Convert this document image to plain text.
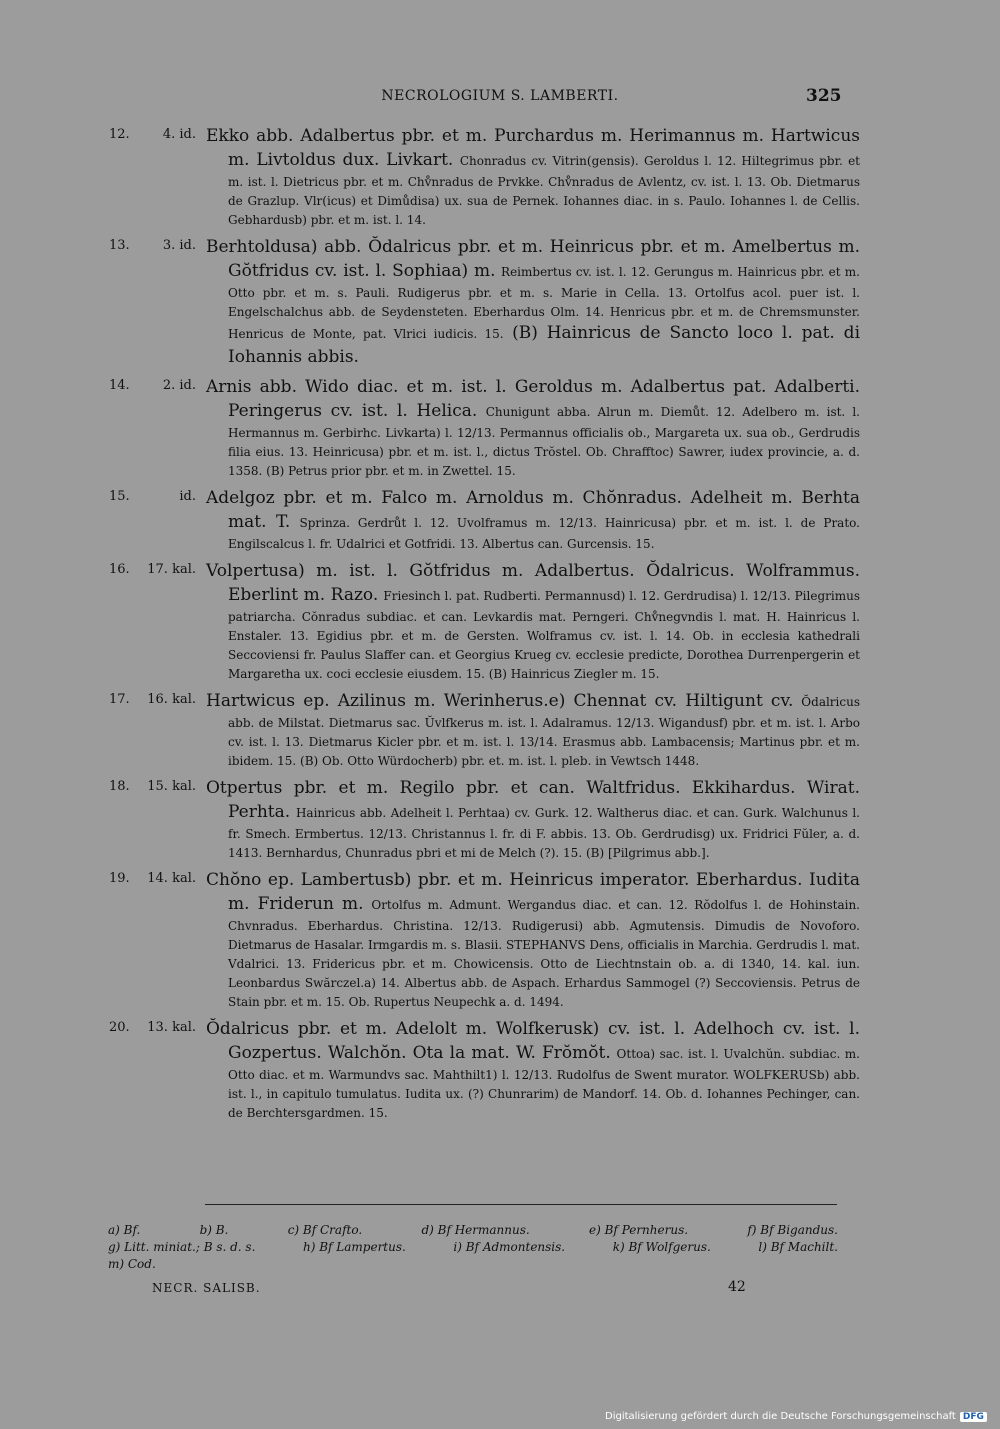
NECROLOGIUM S. LAMBERTI.	325
12.	4. id. Ekko abb. Adalbertus pbr. et m. Purchardus m. Herimannus m. Hartwicus m. Livtoldus dux. Livkart. Chonradus cv. Vitrin(gensis). Geroldus l. 12. Hiltegrimus pbr. et m. ist. l. Dietricus pbr. et m. Chv̊nradus de Prvkke. Chv̊nradus de Avlentz, cv. ist. l. 13. Ob. Dietmarus de Grazlup. Vlr(icus) et Dimůdisa) ux. sua de Pernek. Iohannes diac. in s. Paulo. Iohannes l. de Cellis. Gebhardusb) pbr. et m. ist. l. 14.
13.	3. id. Berhtoldusa) abb. Ŏdalricus pbr. et m. Heinricus pbr. et m. Amelbertus m. Gŏtfridus cv. ist. l. Sophiaa) m. Reimbertus cv. ist. l. 12. Gerungus m. Hainricus pbr. et m. Otto pbr. et m. s. Pauli. Rudigerus pbr. et m. s. Marie in Cella. 13. Ortolfus acol. puer ist. l. Engelschalchus abb. de Seydensteten. Eberhardus Olm. 14. Henricus pbr. et m. de Chremsmunster. Henricus de Monte, pat. Vlrici iudicis. 15. (B) Hainricus de Sancto loco l. pat. di Iohannis abbis.
14.	2. id. Arnis abb. Wido diac. et m. ist. l. Geroldus m. Adalbertus pat. Adalberti. Peringerus cv. ist. l. Helica. Chunigunt abba. Alrun m. Diemůt. 12. Adelbero m. ist. l. Hermannus m. Gerbirhc. Livkarta) l. 12/13. Permannus officialis ob., Margareta ux. sua ob., Gerdrudis filia eius. 13. Heinricusa) pbr. et m. ist. l., dictus Trŏstel. Ob. Chrafftoc) Sawrer, iudex provincie, a. d. 1358. (B) Petrus prior pbr. et m. in Zwettel. 15.
15.	id. Adelgoz pbr. et m. Falco m. Arnoldus m. Chŏnradus. Adelheit m. Berhta mat. T. Sprinza. Gerdrůt l. 12. Uvolframus m. 12/13. Hainricusa) pbr. et m. ist. l. de Prato. Engilscalcus l. fr. Udalrici et Gotfridi. 13. Albertus can. Gurcensis. 15.
16.	17. kal. Volpertusa) m. ist. l. Gŏtfridus m. Adalbertus. Ŏdalricus. Wolframmus. Eberlint m. Razo. Friesinch l. pat. Rudberti. Permannusd) l. 12. Gerdrudisa) l. 12/13. Pilegrimus patriarcha. Cŏnradus subdiac. et can. Levkardis mat. Perngeri. Chv̊negvndis l. mat. H. Hainricus l. Enstaler. 13. Egidius pbr. et m. de Gersten. Wolframus cv. ist. l. 14. Ob. in ecclesia kathedrali Seccoviensi fr. Paulus Slaffer can. et Georgius Krueg cv. ecclesie predicte, Dorothea Durrenpergerin et Margaretha ux. coci ecclesie eiusdem. 15. (B) Hainricus Ziegler m. 15.
17.	16. kal. Hartwicus ep. Azilinus m. Werinherus.e) Chennat cv. Hiltigunt cv. Ŏdalricus abb. de Milstat. Dietmarus sac. Ŭvlfkerus m. ist. l. Adalramus. 12/13. Wigandusf) pbr. et m. ist. l. Arbo cv. ist. l. 13. Dietmarus Kicler pbr. et m. ist. l. 13/14. Erasmus abb. Lambacensis; Martinus pbr. et m. ibidem. 15. (B) Ob. Otto Würdocherb) pbr. et. m. ist. l. pleb. in Vewtsch 1448.
18.	15. kal. Otpertus pbr. et m. Regilo pbr. et can. Waltfridus. Ekkihardus. Wirat. Perhta. Hainricus abb. Adelheit l. Perhtaa) cv. Gurk. 12. Waltherus diac. et can. Gurk. Walchunus l. fr. Smech. Ermbertus. 12/13. Christannus l. fr. di F. abbis. 13. Ob. Gerdrudisg) ux. Fridrici Fŭler, a. d. 1413. Bernhardus, Chunradus pbri et mi de Melch (?). 15. (B) [Pilgrimus abb.].
19.	14. kal. Chŏno ep. Lambertusb) pbr. et m. Heinricus imperator. Eberhardus. Iudita m. Friderun m. Ortolfus m. Admunt. Wergandus diac. et can. 12. Rŏdolfus l. de Hohinstain. Chvnradus. Eberhardus. Christina. 12/13. Rudigerusi) abb. Agmutensis. Dimudis de Novoforo. Dietmarus de Hasalar. Irmgardis m. s. Blasii. STEPHANVS Dens, officialis in Marchia. Gerdrudis l. mat. Vdalrici. 13. Fridericus pbr. et m. Chowicensis. Otto de Liechtnstain ob. a. di 1340, 14. kal. iun. Leonbardus Swărczel.a) 14. Albertus abb. de Aspach. Erhardus Sammogel (?) Seccoviensis. Petrus de Stain pbr. et m. 15. Ob. Rupertus Neupechk a. d. 1494.
20.	13. kal. Ŏdalricus pbr. et m. Adelolt m. Wolfkerusk) cv. ist. l. Adelhoch cv. ist. l. Gozpertus. Walchŏn. Ota la mat. W. Frŏmŏt. Ottoa) sac. ist. l. Uvalchŭn. subdiac. m. Otto diac. et m. Warmundvs sac. Mahthilt1) l. 12/13. Rudolfus de Swent murator. WOLFKERUSb) abb. ist. l., in capitulo tumulatus. Iudita ux. (?) Chunrarim) de Mandorf. 14. Ob. d. Iohannes Pechinger, can. de Berchtersgardmen. 15.
a) Bf.	b) B.	c) Bf Crafto.	d) Bf Hermannus.	e) Bf Pernherus.	f) Bf Bigandus.
g) Litt. miniat.; B s. d. s.	h) Bf Lampertus.	i) Bf Admontensis.	k) Bf Wolfgerus.	l) Bf Machilt.
m) Cod.
NECR. SALISB.	42
Digitalisierung gefördert durch die Deutsche Forschungsgemeinschaft DFG
